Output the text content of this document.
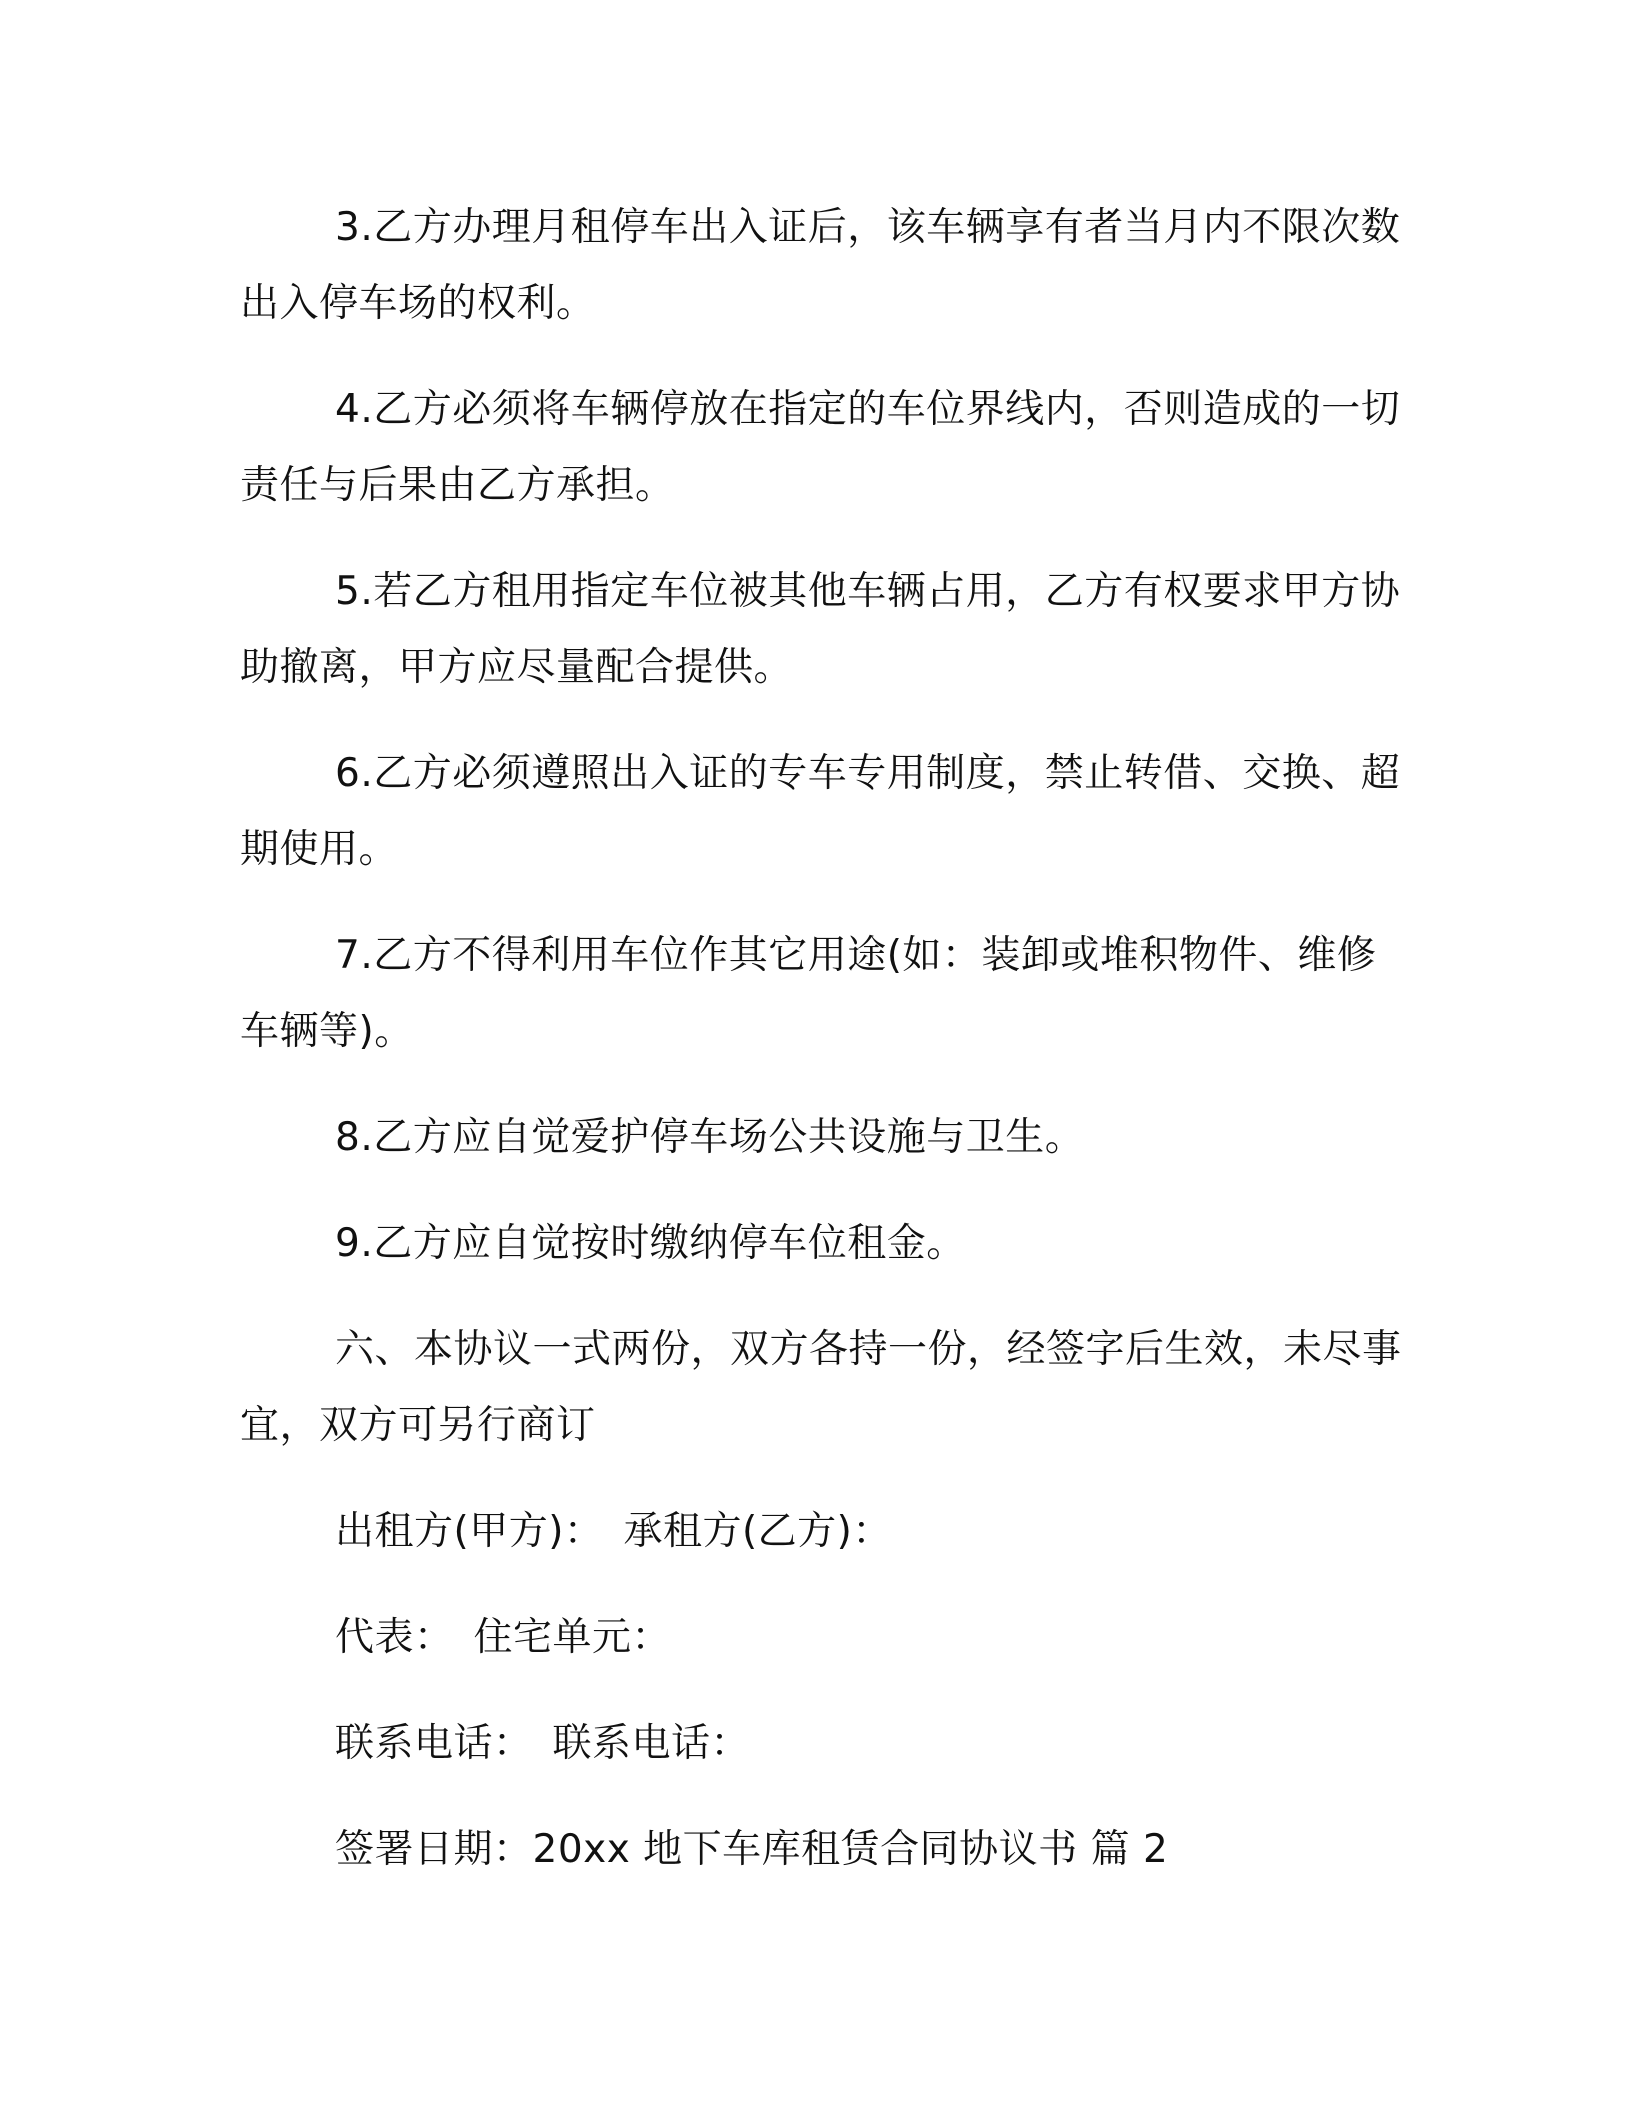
3.乙方办理月租停车出入证后，该车辆享有者当月内不限次数出入停车场的权利。

4.乙方必须将车辆停放在指定的车位界线内，否则造成的一切责任与后果由乙方承担。

5.若乙方租用指定车位被其他车辆占用，乙方有权要求甲方协助撤离，甲方应尽量配合提供。

6.乙方必须遵照出入证的专车专用制度，禁止转借、交换、超期使用。

7.乙方不得利用车位作其它用途(如：装卸或堆积物件、维修车辆等)。

8.乙方应自觉爱护停车场公共设施与卫生。

9.乙方应自觉按时缴纳停车位租金。

六、本协议一式两份，双方各持一份，经签字后生效，未尽事宜，双方可另行商订

出租方(甲方)： 承租方(乙方)：
代表： 住宅单元：
联系电话： 联系电话：
签署日期：20xx 地下车库租赁合同协议书 篇 2
